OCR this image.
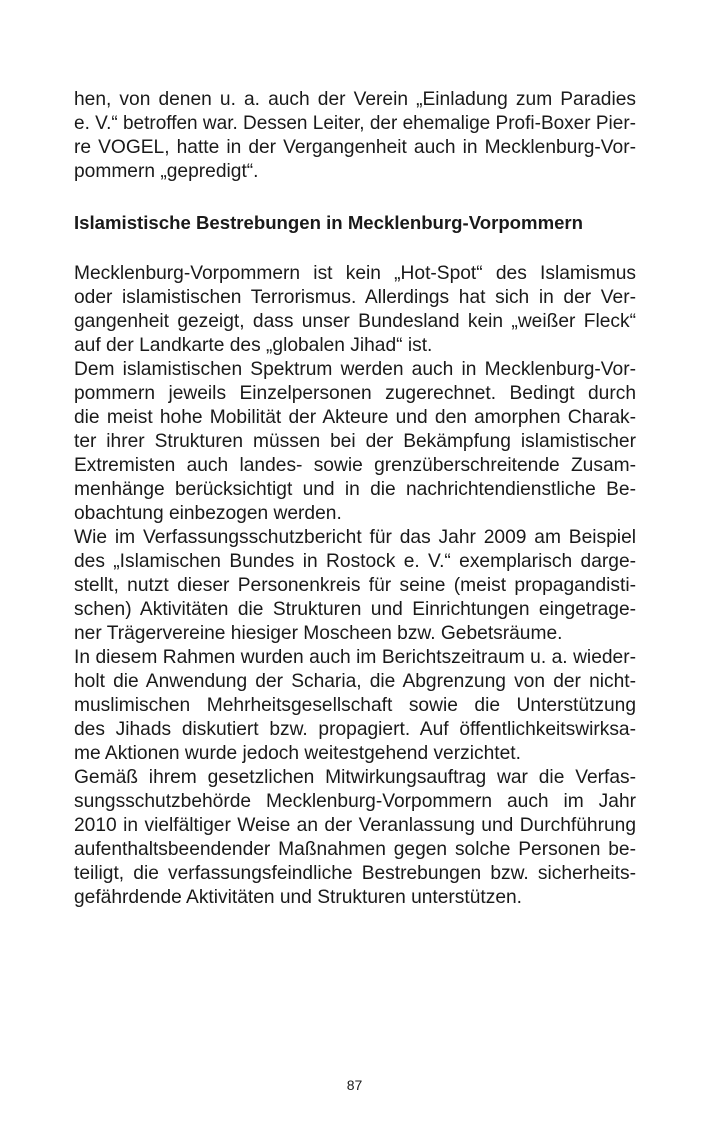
hen, von denen u. a. auch der Verein „Einladung zum Paradies
e. V.“ betroffen war. Dessen Leiter, der ehemalige Profi-Boxer Pier-
re VOGEL, hatte in der Vergangenheit auch in Mecklenburg-Vor-
pommern „gepredigt“.
Islamistische Bestrebungen in Mecklenburg-Vorpommern
Mecklenburg-Vorpommern ist kein „Hot-Spot“ des Islamismus
oder islamistischen Terrorismus. Allerdings hat sich in der Ver-
gangenheit gezeigt, dass unser Bundesland kein „weißer Fleck“
auf der Landkarte des „globalen Jihad“ ist.
Dem islamistischen Spektrum werden auch in Mecklenburg-Vor-
pommern jeweils Einzelpersonen zugerechnet. Bedingt durch
die meist hohe Mobilität der Akteure und den amorphen Charak-
ter ihrer Strukturen müssen bei der Bekämpfung islamistischer
Extremisten auch landes- sowie grenzüberschreitende Zusam-
menhänge berücksichtigt und in die nachrichtendienstliche Be-
obachtung einbezogen werden.
Wie im Verfassungsschutzbericht für das Jahr 2009 am Beispiel
des „Islamischen Bundes in Rostock e. V.“ exemplarisch darge-
stellt, nutzt dieser Personenkreis für seine (meist propagandisti-
schen) Aktivitäten die Strukturen und Einrichtungen eingetrage-
ner Trägervereine hiesiger Moscheen bzw. Gebetsräume.
In diesem Rahmen wurden auch im Berichtszeitraum u. a. wieder-
holt die Anwendung der Scharia, die Abgrenzung von der nicht-
muslimischen Mehrheitsgesellschaft sowie die Unterstützung
des Jihads diskutiert bzw. propagiert. Auf öffentlichkeitswirksa-
me Aktionen wurde jedoch weitestgehend verzichtet.
Gemäß ihrem gesetzlichen Mitwirkungsauftrag war die Verfas-
sungsschutzbehörde Mecklenburg-Vorpommern auch im Jahr
2010 in vielfältiger Weise an der Veranlassung und Durchführung
aufenthaltsbeendender Maßnahmen gegen solche Personen be-
teiligt, die verfassungsfeindliche Bestrebungen bzw. sicherheits-
gefährdende Aktivitäten und Strukturen unterstützen.
87
